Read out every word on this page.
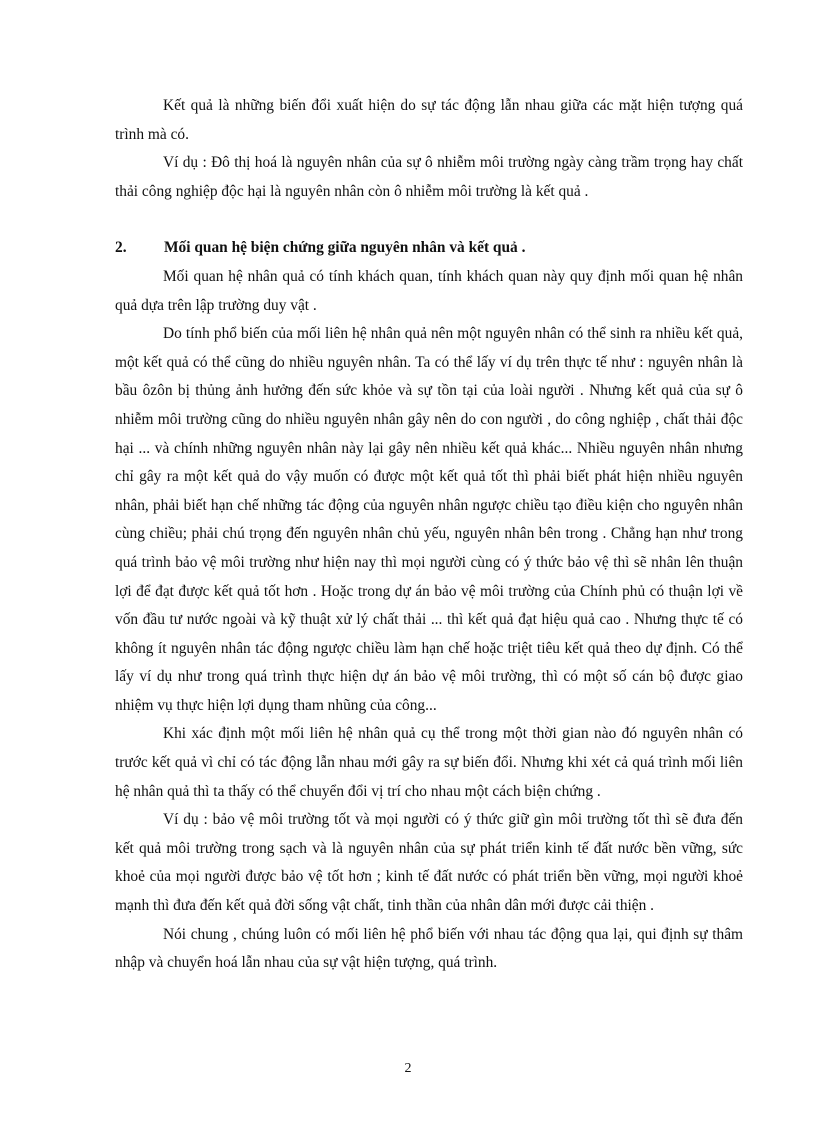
Kết quả là những biến đổi xuất hiện do sự tác động lẫn nhau giữa các mặt hiện tượng quá trình mà có.

Ví dụ : Đô thị hoá là nguyên nhân của sự ô nhiễm môi trường ngày càng trầm trọng hay chất thải công nghiệp độc hại là nguyên nhân còn ô nhiễm môi trường là kết quả .

2. Mối quan hệ biện chứng giữa nguyên nhân và kết quả .

Mối quan hệ nhân quả có tính khách quan, tính khách quan này quy định mối quan hệ nhân quả dựa trên lập trường duy vật .

Do tính phổ biến của mối liên hệ nhân quả nên một nguyên nhân có thể sinh ra nhiều kết quả, một kết quả có thể cũng do nhiều nguyên nhân. Ta có thể lấy ví dụ trên thực tế như : nguyên nhân là bầu ôzôn bị thủng ảnh hưởng đến sức khỏe và sự tồn tại của loài người . Nhưng kết quả của sự ô nhiễm môi trường cũng do nhiều nguyên nhân gây nên do con người , do công nghiệp , chất thải độc hại ... và chính những nguyên nhân này lại gây nên nhiều kết quả khác... Nhiều nguyên nhân nhưng chỉ gây ra một kết quả do vậy muốn có được một kết quả tốt thì phải biết phát hiện nhiều nguyên nhân, phải biết hạn chế những tác động của nguyên nhân ngược chiều tạo điều kiện cho nguyên nhân cùng chiều; phải chú trọng đến nguyên nhân chủ yếu, nguyên nhân bên trong . Chẳng hạn như trong quá trình bảo vệ môi trường như hiện nay thì mọi người cùng có ý thức bảo vệ thì sẽ nhân lên thuận lợi để đạt được kết quả tốt hơn . Hoặc trong dự án bảo vệ môi trường của Chính phủ có thuận lợi về vốn đầu tư nước ngoài và kỹ thuật xử lý chất thải ... thì kết quả đạt hiệu quả cao . Nhưng thực tế có không ít nguyên nhân tác động ngược chiều làm hạn chế hoặc triệt tiêu kết quả theo dự định. Có thể lấy ví dụ như trong quá trình thực hiện dự án bảo vệ môi trường, thì có một số cán bộ được giao nhiệm vụ thực hiện lợi dụng tham nhũng của công...

Khi xác định một mối liên hệ nhân quả cụ thể trong một thời gian nào đó nguyên nhân có trước kết quả vì chỉ có tác động lẫn nhau mới gây ra sự biến đổi. Nhưng khi xét cả quá trình mối liên hệ nhân quả thì ta thấy có thể chuyển đổi vị trí cho nhau một cách biện chứng .

Ví dụ : bảo vệ môi trường tốt và mọi người có ý thức giữ gìn môi trường tốt thì sẽ đưa đến kết quả môi trường trong sạch và là nguyên nhân của sự phát triển kinh tế đất nước bền vững, sức khoẻ của mọi người được bảo vệ tốt hơn ; kinh tế đất nước có phát triển bền vững, mọi người khoẻ mạnh thì đưa đến kết quả đời sống vật chất, tinh thần của nhân dân mới được cải thiện .

Nói chung , chúng luôn có mối liên hệ phổ biến với nhau tác động qua lại, qui định sự thâm nhập và chuyển hoá lẫn nhau của sự vật hiện tượng, quá trình.

2
